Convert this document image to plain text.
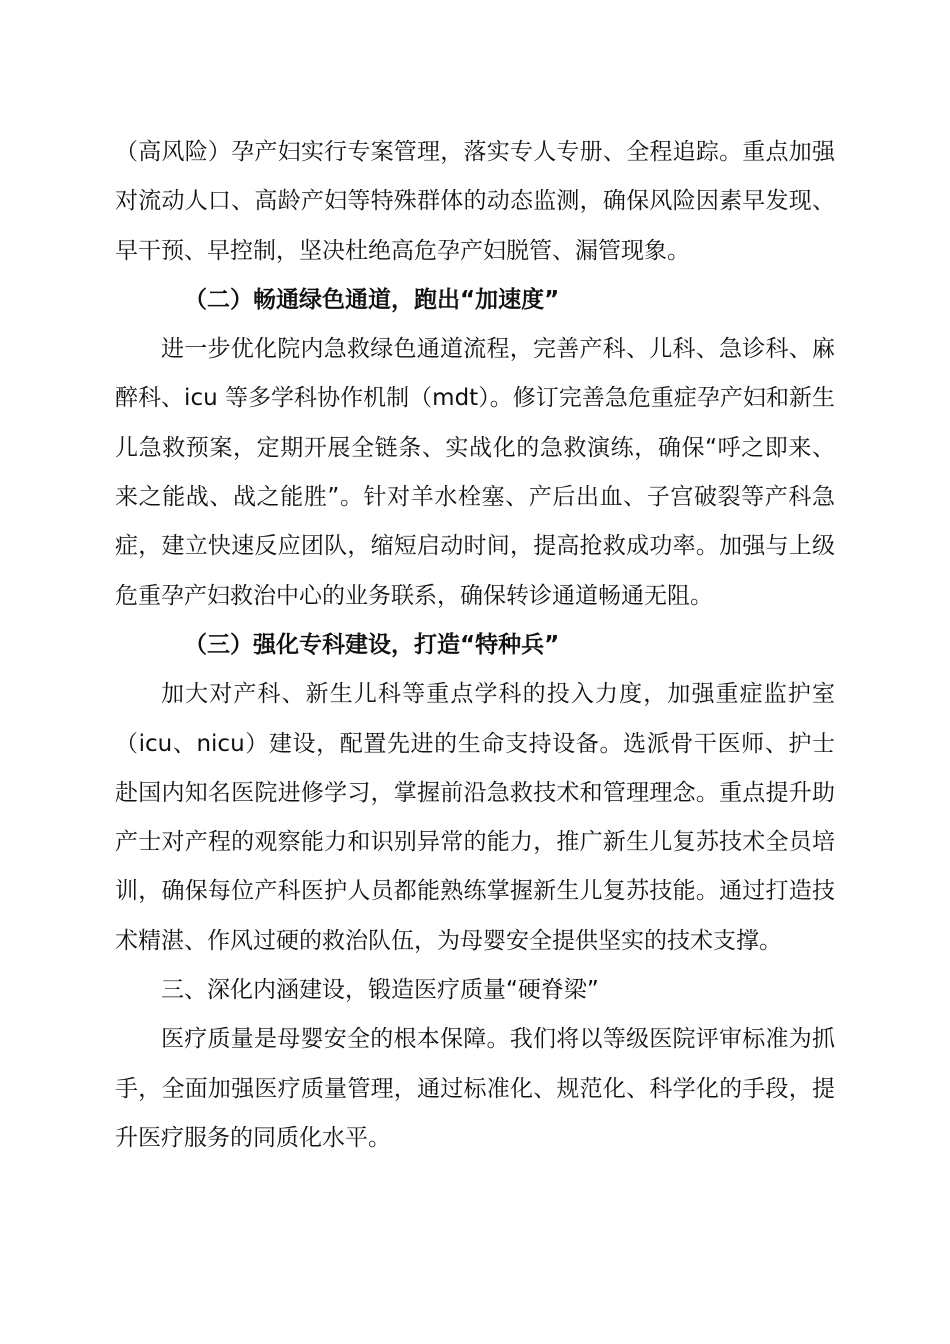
（高风险）孕产妇实行专案管理，落实专人专册、全程追踪。重点加强对流动人口、高龄产妇等特殊群体的动态监测，确保风险因素早发现、早干预、早控制，坚决杜绝高危孕产妇脱管、漏管现象。

（二）畅通绿色通道，跑出“加速度”

进一步优化院内急救绿色通道流程，完善产科、儿科、急诊科、麻醉科、icu 等多学科协作机制（mdt）。修订完善急危重症孕产妇和新生儿急救预案，定期开展全链条、实战化的急救演练，确保“呼之即来、来之能战、战之能胜”。针对羊水栓塞、产后出血、子宫破裂等产科急症，建立快速反应团队，缩短启动时间，提高抢救成功率。加强与上级危重孕产妇救治中心的业务联系，确保转诊通道畅通无阻。

（三）强化专科建设，打造“特种兵”

加大对产科、新生儿科等重点学科的投入力度，加强重症监护室（icu、nicu）建设，配置先进的生命支持设备。选派骨干医师、护士赴国内知名医院进修学习，掌握前沿急救技术和管理理念。重点提升助产士对产程的观察能力和识别异常的能力，推广新生儿复苏技术全员培训，确保每位产科医护人员都能熟练掌握新生儿复苏技能。通过打造技术精湛、作风过硬的救治队伍，为母婴安全提供坚实的技术支撑。

三、深化内涵建设，锻造医疗质量“硬脊梁”

医疗质量是母婴安全的根本保障。我们将以等级医院评审标准为抓手，全面加强医疗质量管理，通过标准化、规范化、科学化的手段，提升医疗服务的同质化水平。
